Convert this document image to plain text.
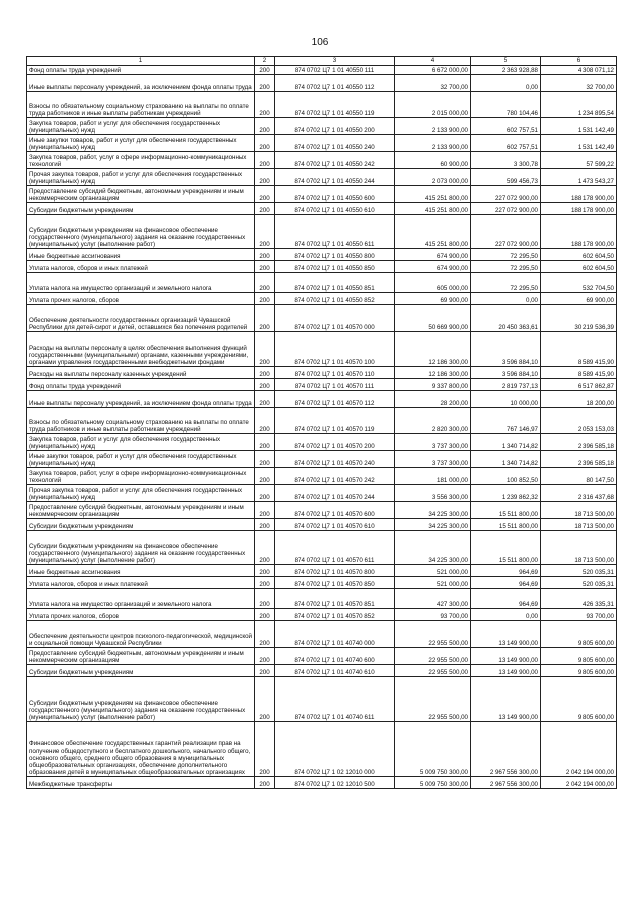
106
1	2	3	4	5	6
Фонд оплаты труда учреждений	200	874 0702 Ц7 1 01 40550 111	6 672 000,00	2 363 928,88	4 308 071,12
Иные выплаты персоналу учреждений, за исключением фонда оплаты труда	200	874 0702 Ц7 1 01 40550 112	32 700,00	0,00	32 700,00
Взносы по обязательному социальному страхованию на выплаты по оплате труда работников и иные выплаты работникам учреждений	200	874 0702 Ц7 1 01 40550 119	2 015 000,00	780 104,46	1 234 895,54
Закупка товаров, работ и услуг для обеспечения государственных (муниципальных) нужд	200	874 0702 Ц7 1 01 40550 200	2 133 900,00	602 757,51	1 531 142,49
Иные закупки товаров, работ и услуг для обеспечения государственных (муниципальных) нужд	200	874 0702 Ц7 1 01 40550 240	2 133 900,00	602 757,51	1 531 142,49
Закупка товаров, работ, услуг в сфере информационно-коммуникационных технологий	200	874 0702 Ц7 1 01 40550 242	60 900,00	3 300,78	57 599,22
Прочая закупка товаров, работ и услуг для обеспечения государственных (муниципальных) нужд	200	874 0702 Ц7 1 01 40550 244	2 073 000,00	599 456,73	1 473 543,27
Предоставление субсидий бюджетным, автономным учреждениям и иным некоммерческим организациям	200	874 0702 Ц7 1 01 40550 600	415 251 800,00	227 072 900,00	188 178 900,00
Субсидии бюджетным учреждениям	200	874 0702 Ц7 1 01 40550 610	415 251 800,00	227 072 900,00	188 178 900,00
Субсидии бюджетным учреждениям на финансовое обеспечение государственного (муниципального) задания на оказание государственных (муниципальных) услуг (выполнение работ)	200	874 0702 Ц7 1 01 40550 611	415 251 800,00	227 072 900,00	188 178 900,00
Иные бюджетные ассигнования	200	874 0702 Ц7 1 01 40550 800	674 900,00	72 295,50	602 604,50
Уплата налогов, сборов и иных платежей	200	874 0702 Ц7 1 01 40550 850	674 900,00	72 295,50	602 604,50
Уплата налога на имущество организаций и земельного налога	200	874 0702 Ц7 1 01 40550 851	605 000,00	72 295,50	532 704,50
Уплата прочих налогов, сборов	200	874 0702 Ц7 1 01 40550 852	69 900,00	0,00	69 900,00
Обеспечение деятельности государственных организаций Чувашской Республики для детей-сирот и детей, оставшихся без попечения родителей	200	874 0702 Ц7 1 01 40570 000	50 669 900,00	20 450 363,61	30 219 536,39
Расходы на выплаты персоналу в целях обеспечения выполнения функций государственными (муниципальными) органами, казенными учреждениями, органами управления государственными внебюджетными фондами	200	874 0702 Ц7 1 01 40570 100	12 186 300,00	3 596 884,10	8 589 415,90
Расходы на выплаты персоналу казенных учреждений	200	874 0702 Ц7 1 01 40570 110	12 186 300,00	3 596 884,10	8 589 415,90
Фонд оплаты труда учреждений	200	874 0702 Ц7 1 01 40570 111	9 337 800,00	2 819 737,13	6 517 862,87
Иные выплаты персоналу учреждений, за исключением фонда оплаты труда	200	874 0702 Ц7 1 01 40570 112	28 200,00	10 000,00	18 200,00
Взносы по обязательному социальному страхованию на выплаты по оплате труда работников и иные выплаты работникам учреждений	200	874 0702 Ц7 1 01 40570 119	2 820 300,00	767 146,97	2 053 153,03
Закупка товаров, работ и услуг для обеспечения государственных (муниципальных) нужд	200	874 0702 Ц7 1 01 40570 200	3 737 300,00	1 340 714,82	2 396 585,18
Иные закупки товаров, работ и услуг для обеспечения государственных (муниципальных) нужд	200	874 0702 Ц7 1 01 40570 240	3 737 300,00	1 340 714,82	2 396 585,18
Закупка товаров, работ, услуг в сфере информационно-коммуникационных технологий	200	874 0702 Ц7 1 01 40570 242	181 000,00	100 852,50	80 147,50
Прочая закупка товаров, работ и услуг для обеспечения государственных (муниципальных) нужд	200	874 0702 Ц7 1 01 40570 244	3 556 300,00	1 239 862,32	2 316 437,68
Предоставление субсидий бюджетным, автономным учреждениям и иным некоммерческим организациям	200	874 0702 Ц7 1 01 40570 600	34 225 300,00	15 511 800,00	18 713 500,00
Субсидии бюджетным учреждениям	200	874 0702 Ц7 1 01 40570 610	34 225 300,00	15 511 800,00	18 713 500,00
Субсидии бюджетным учреждениям на финансовое обеспечение государственного (муниципального) задания на оказание государственных (муниципальных) услуг (выполнение работ)	200	874 0702 Ц7 1 01 40570 611	34 225 300,00	15 511 800,00	18 713 500,00
Иные бюджетные ассигнования	200	874 0702 Ц7 1 01 40570 800	521 000,00	964,69	520 035,31
Уплата налогов, сборов и иных платежей	200	874 0702 Ц7 1 01 40570 850	521 000,00	964,69	520 035,31
Уплата налога на имущество организаций и земельного налога	200	874 0702 Ц7 1 01 40570 851	427 300,00	964,69	426 335,31
Уплата прочих налогов, сборов	200	874 0702 Ц7 1 01 40570 852	93 700,00	0,00	93 700,00
Обеспечение деятельности центров психолого-педагогической, медицинской и социальной помощи Чувашской Республики	200	874 0702 Ц7 1 01 40740 000	22 955 500,00	13 149 900,00	9 805 600,00
Предоставление субсидий бюджетным, автономным учреждениям и иным некоммерческим организациям	200	874 0702 Ц7 1 01 40740 600	22 955 500,00	13 149 900,00	9 805 600,00
Субсидии бюджетным учреждениям	200	874 0702 Ц7 1 01 40740 610	22 955 500,00	13 149 900,00	9 805 600,00
Субсидии бюджетным учреждениям на финансовое обеспечение государственного (муниципального) задания на оказание государственных (муниципальных) услуг (выполнение работ)	200	874 0702 Ц7 1 01 40740 611	22 955 500,00	13 149 900,00	9 805 600,00
Финансовое обеспечение государственных гарантий реализации прав на получение общедоступного и бесплатного дошкольного, начального общего, основного общего, среднего общего образования в муниципальных общеобразовательных организациях, обеспечение дополнительного образования детей в муниципальных общеобразовательных организациях	200	874 0702 Ц7 1 02 12010 000	5 009 750 300,00	2 967 556 300,00	2 042 194 000,00
Межбюджетные трансферты	200	874 0702 Ц7 1 02 12010 500	5 009 750 300,00	2 967 556 300,00	2 042 194 000,00
